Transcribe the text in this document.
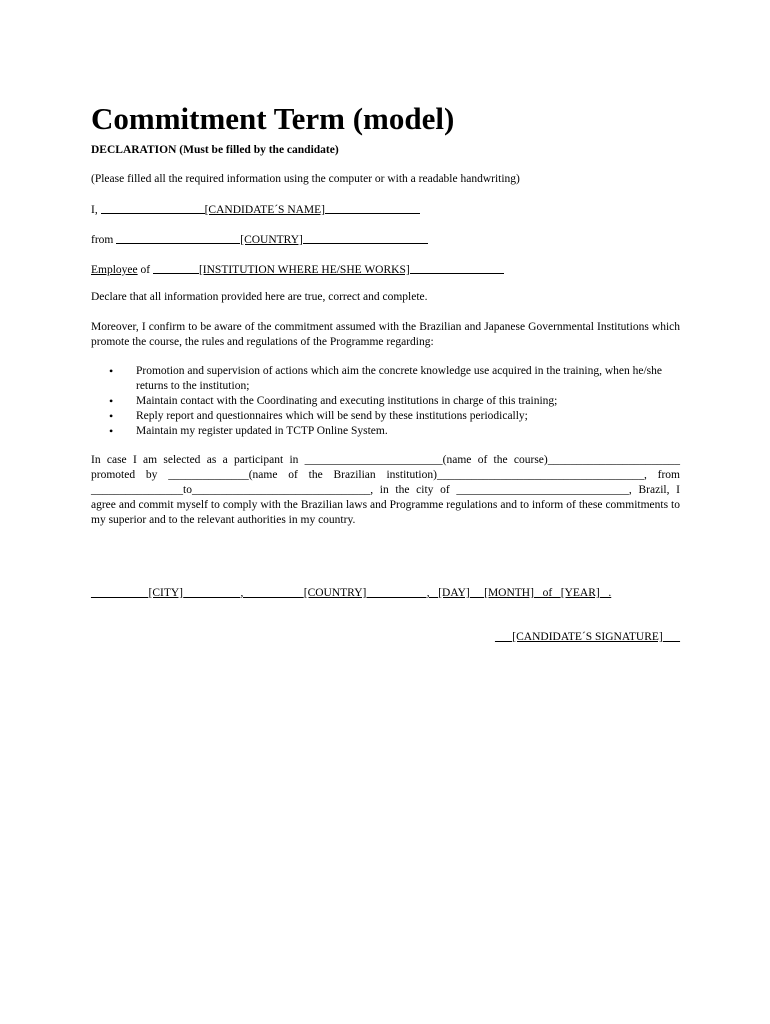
Commitment Term (model)
DECLARATION (Must be filled by the candidate)
(Please filled all the required information using the computer or with a readable handwriting)
I,	[CANDIDATE´S NAME]
from	[COUNTRY]
Employee of	[INSTITUTION WHERE HE/SHE WORKS]
Declare that all information provided here are true, correct and complete.
Moreover, I confirm to be aware of the commitment assumed with the Brazilian and Japanese Governmental Institutions which promote the course, the rules and regulations of the Programme regarding:
• Promotion and supervision of actions which aim the concrete knowledge use acquired in the training, when he/she returns to the institution;
• Maintain contact with the Coordinating and executing institutions in charge of this training;
• Reply report and questionnaires which will be send by these institutions periodically;
• Maintain my register updated in TCTP Online System.
In case I am selected as a participant in ________________________(name of the course)_______________________ promoted by ______________(name of the Brazilian institution)____________________________________, from ________________to_______________________________, in the city of ______________________________, Brazil, I agree and commit myself to comply with the Brazilian laws and Programme regulations and to inform of these commitments to my superior and to the relevant authorities in my country.
__________[CITY]__________, __________[COUNTRY] __________, _[DAY]_ _[MONTH]_ of _[YEAR]_ .
___[CANDIDATE´S SIGNATURE]___
